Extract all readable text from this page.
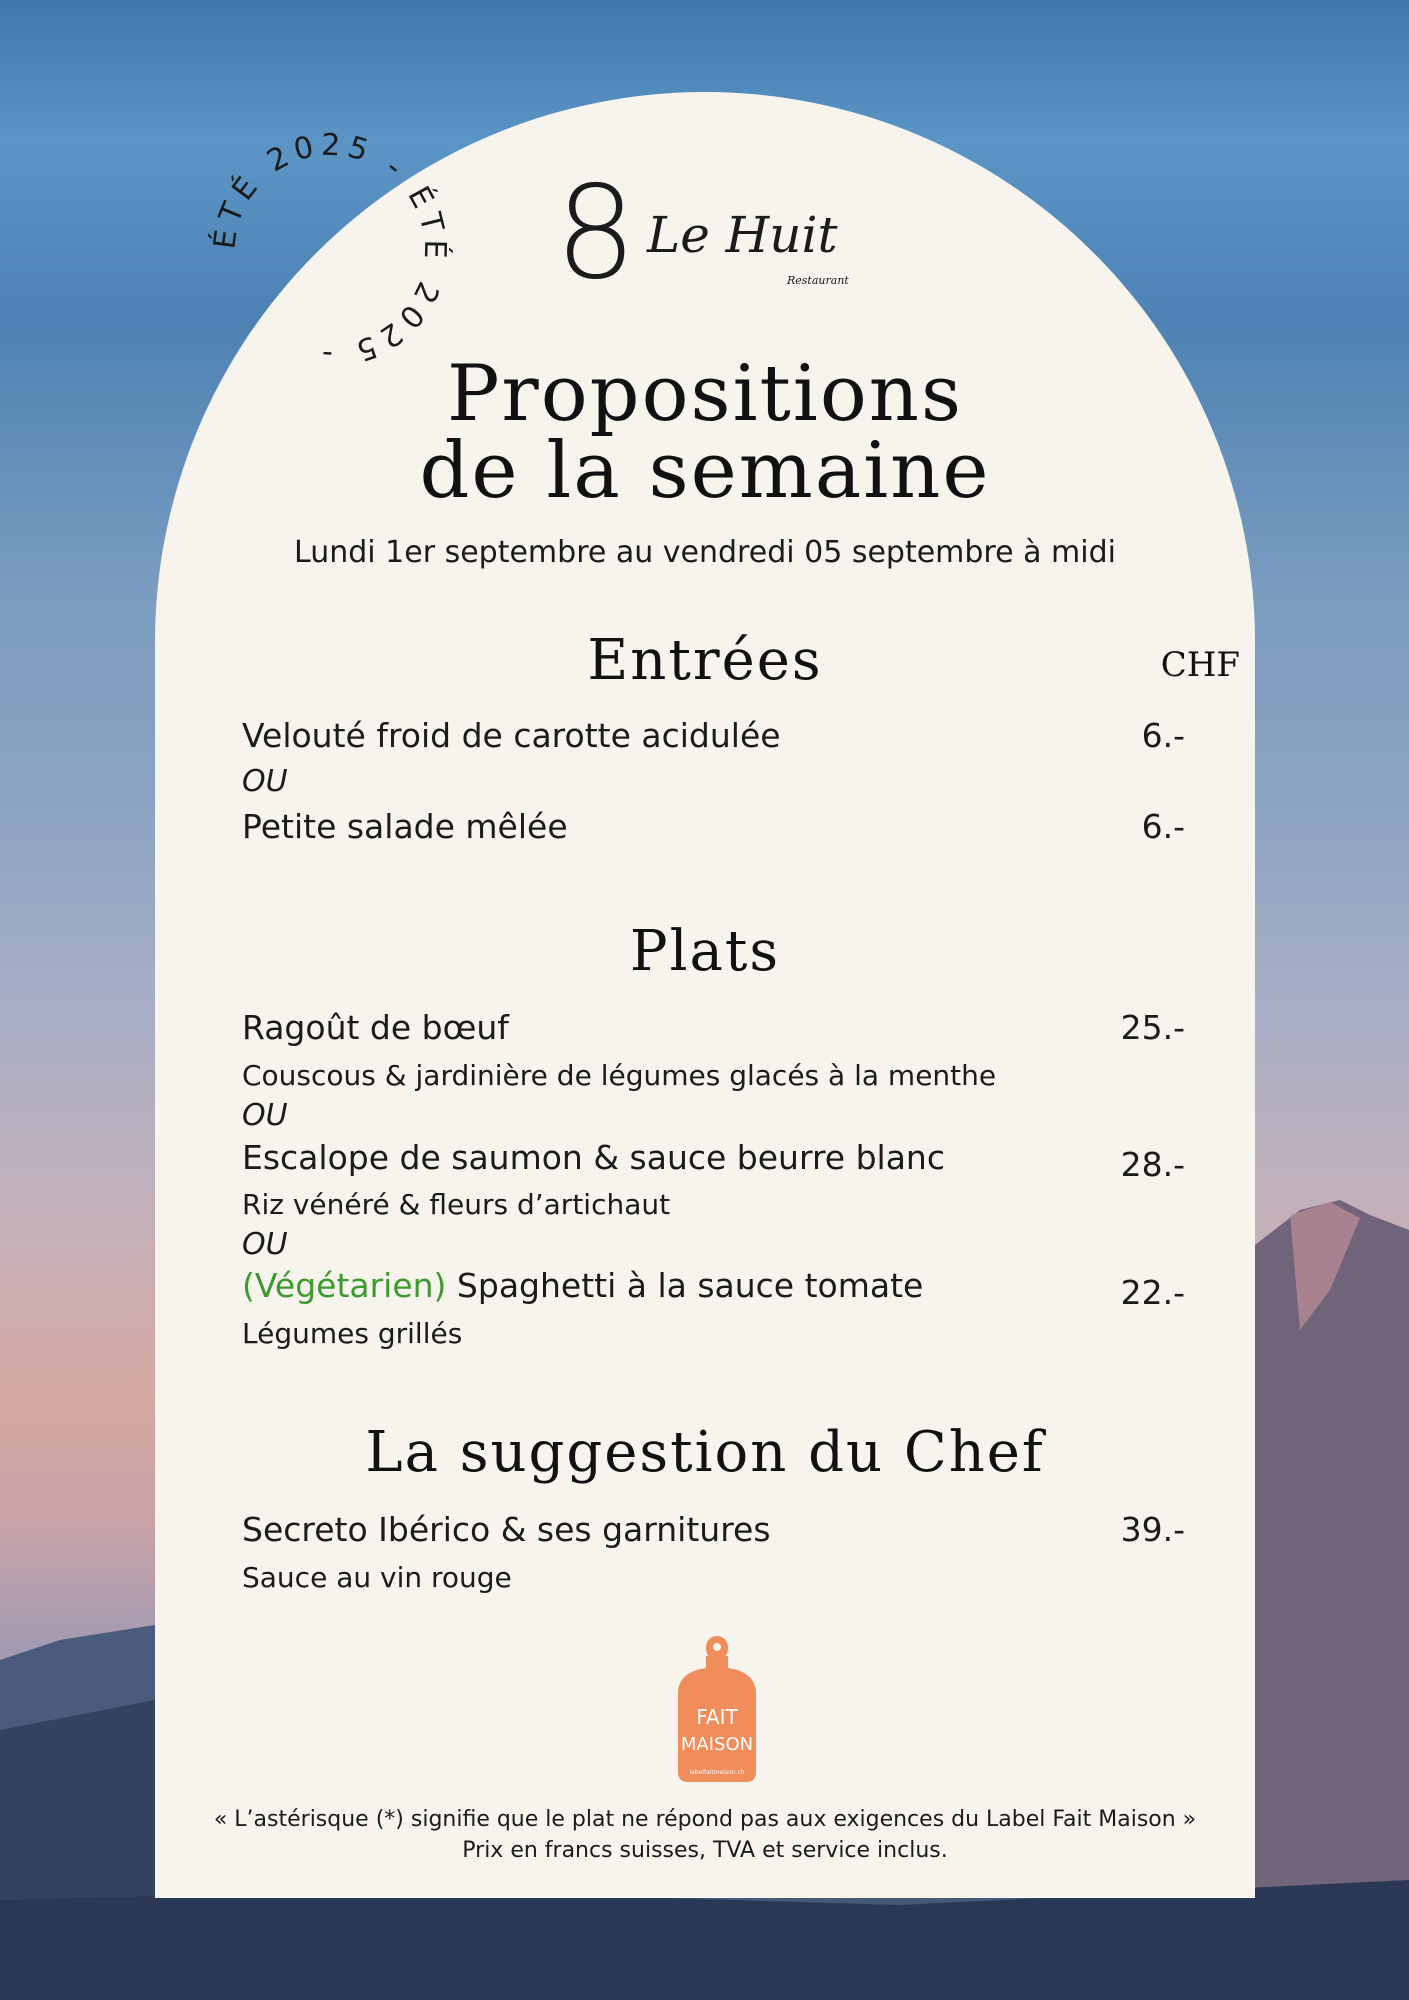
ÉTÉ 2025 - ÉTÉ 2025 -
8 Le Huit
Restaurant
Propositions
de la semaine
Lundi 1er septembre au vendredi 05 septembre à midi
Entrées	CHF
Velouté froid de carotte acidulée	6.-
OU
Petite salade mêlée	6.-
Plats
Ragoût de bœuf	25.-
Couscous & jardinière de légumes glacés à la menthe
OU
Escalope de saumon & sauce beurre blanc	28.-
Riz vénéré & fleurs d’artichaut
OU
(Végétarien) Spaghetti à la sauce tomate	22.-
Légumes grillés
La suggestion du Chef
Secreto Ibérico & ses garnitures	39.-
Sauce au vin rouge
FAIT
MAISON
labelfaitmaison.ch
« L’astérisque (*) signifie que le plat ne répond pas aux exigences du Label Fait Maison »
Prix en francs suisses, TVA et service inclus.
